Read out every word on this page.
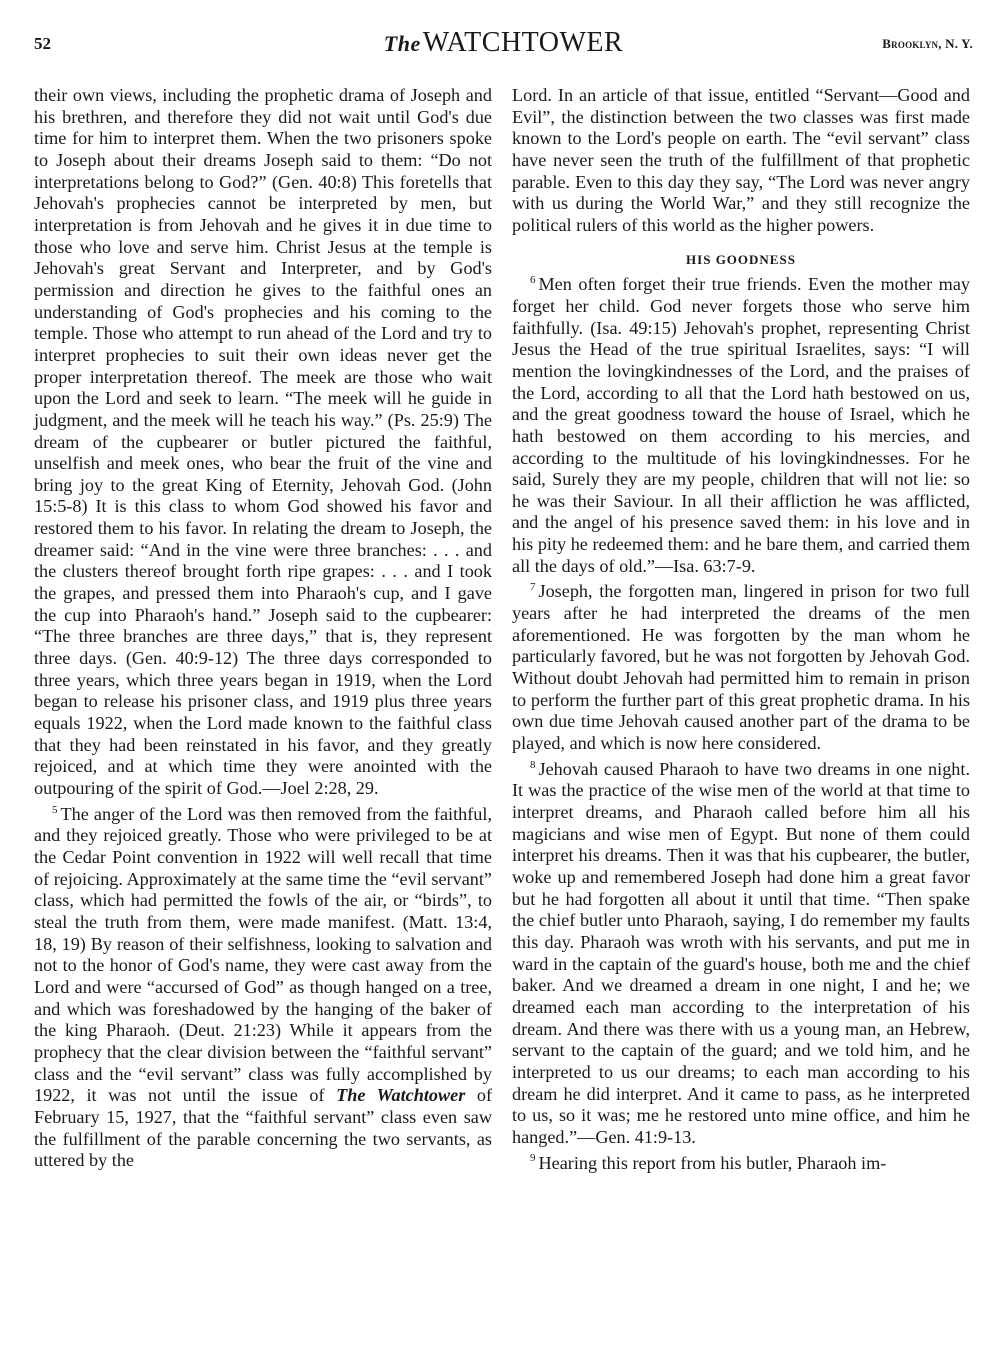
52	TheWATCHTOWER	Brooklyn, N. Y.

their own views, including the prophetic drama of Joseph and his brethren, and therefore they did not wait until God's due time for him to interpret them. When the two prisoners spoke to Joseph about their dreams Joseph said to them: “Do not interpretations belong to God?” (Gen. 40:8) This foretells that Jehovah's prophecies cannot be interpreted by men, but interpretation is from Jehovah and he gives it in due time to those who love and serve him. Christ Jesus at the temple is Jehovah's great Servant and Interpreter, and by God's permission and direction he gives to the faithful ones an understanding of God's prophecies and his coming to the temple. Those who attempt to run ahead of the Lord and try to interpret prophecies to suit their own ideas never get the proper interpretation thereof. The meek are those who wait upon the Lord and seek to learn. “The meek will he guide in judgment, and the meek will he teach his way.” (Ps. 25:9) The dream of the cupbearer or butler pictured the faithful, unselfish and meek ones, who bear the fruit of the vine and bring joy to the great King of Eternity, Jehovah God. (John 15:5-8) It is this class to whom God showed his favor and restored them to his favor. In relating the dream to Joseph, the dreamer said: “And in the vine were three branches: . . . and the clusters thereof brought forth ripe grapes: . . . and I took the grapes, and pressed them into Pharaoh's cup, and I gave the cup into Pharaoh's hand.” Joseph said to the cupbearer: “The three branches are three days,” that is, they represent three days. (Gen. 40:9-12) The three days corresponded to three years, which three years began in 1919, when the Lord began to release his prisoner class, and 1919 plus three years equals 1922, when the Lord made known to the faithful class that they had been reinstated in his favor, and they greatly rejoiced, and at which time they were anointed with the outpouring of the spirit of God.—Joel 2:28, 29.

$^5$ The anger of the Lord was then removed from the faithful, and they rejoiced greatly. Those who were privileged to be at the Cedar Point convention in 1922 will well recall that time of rejoicing. Approximately at the same time the “evil servant” class, which had permitted the fowls of the air, or “birds”, to steal the truth from them, were made manifest. (Matt. 13:4, 18, 19) By reason of their selfishness, looking to salvation and not to the honor of God's name, they were cast away from the Lord and were “accursed of God” as though hanged on a tree, and which was foreshadowed by the hanging of the baker of the king Pharaoh. (Deut. 21:23) While it appears from the prophecy that the clear division between the “faithful servant” class and the “evil servant” class was fully accomplished by 1922, it was not until the issue of The Watchtower of February 15, 1927, that the “faithful servant” class even saw the fulfillment of the parable concerning the two servants, as uttered by the

Lord. In an article of that issue, entitled “Servant—Good and Evil”, the distinction between the two classes was first made known to the Lord's people on earth. The “evil servant” class have never seen the truth of the fulfillment of that prophetic parable. Even to this day they say, “The Lord was never angry with us during the World War,” and they still recognize the political rulers of this world as the higher powers.

HIS GOODNESS

$^6$ Men often forget their true friends. Even the mother may forget her child. God never forgets those who serve him faithfully. (Isa. 49:15) Jehovah's prophet, representing Christ Jesus the Head of the true spiritual Israelites, says: “I will mention the lovingkindnesses of the Lord, and the praises of the Lord, according to all that the Lord hath bestowed on us, and the great goodness toward the house of Israel, which he hath bestowed on them according to his mercies, and according to the multitude of his lovingkindnesses. For he said, Surely they are my people, children that will not lie: so he was their Saviour. In all their affliction he was afflicted, and the angel of his presence saved them: in his love and in his pity he redeemed them: and he bare them, and carried them all the days of old.”—Isa. 63:7-9.

$^7$ Joseph, the forgotten man, lingered in prison for two full years after he had interpreted the dreams of the men aforementioned. He was forgotten by the man whom he particularly favored, but he was not forgotten by Jehovah God. Without doubt Jehovah had permitted him to remain in prison to perform the further part of this great prophetic drama. In his own due time Jehovah caused another part of the drama to be played, and which is now here considered.

$^8$ Jehovah caused Pharaoh to have two dreams in one night. It was the practice of the wise men of the world at that time to interpret dreams, and Pharaoh called before him all his magicians and wise men of Egypt. But none of them could interpret his dreams. Then it was that his cupbearer, the butler, woke up and remembered Joseph had done him a great favor but he had forgotten all about it until that time. “Then spake the chief butler unto Pharaoh, saying, I do remember my faults this day. Pharaoh was wroth with his servants, and put me in ward in the captain of the guard's house, both me and the chief baker. And we dreamed a dream in one night, I and he; we dreamed each man according to the interpretation of his dream. And there was there with us a young man, an Hebrew, servant to the captain of the guard; and we told him, and he interpreted to us our dreams; to each man according to his dream he did interpret. And it came to pass, as he interpreted to us, so it was; me he restored unto mine office, and him he hanged.”—Gen. 41:9-13.

$^9$ Hearing this report from his butler, Pharaoh im-
